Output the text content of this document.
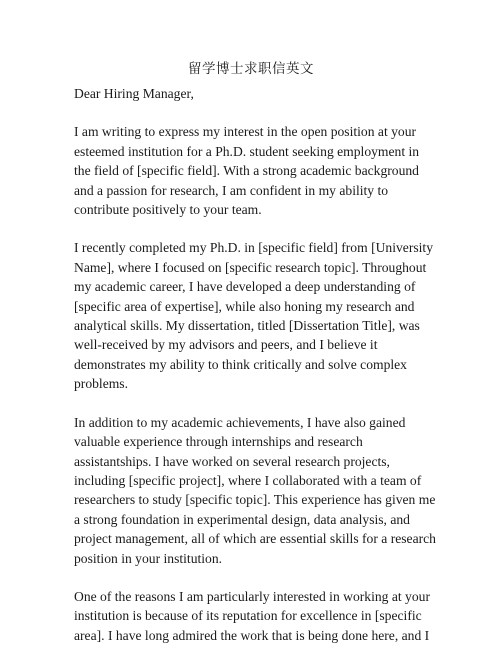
留学博士求职信英文

Dear Hiring Manager,

I am writing to express my interest in the open position at your esteemed institution for a Ph.D. student seeking employment in the field of [specific field]. With a strong academic background and a passion for research, I am confident in my ability to contribute positively to your team.

I recently completed my Ph.D. in [specific field] from [University Name], where I focused on [specific research topic]. Throughout my academic career, I have developed a deep understanding of [specific area of expertise], while also honing my research and analytical skills. My dissertation, titled [Dissertation Title], was well-received by my advisors and peers, and I believe it demonstrates my ability to think critically and solve complex problems.

In addition to my academic achievements, I have also gained valuable experience through internships and research assistantships. I have worked on several research projects, including [specific project], where I collaborated with a team of researchers to study [specific topic]. This experience has given me a strong foundation in experimental design, data analysis, and project management, all of which are essential skills for a research position in your institution.

One of the reasons I am particularly interested in working at your institution is because of its reputation for excellence in [specific area]. I have long admired the work that is being done here, and I
